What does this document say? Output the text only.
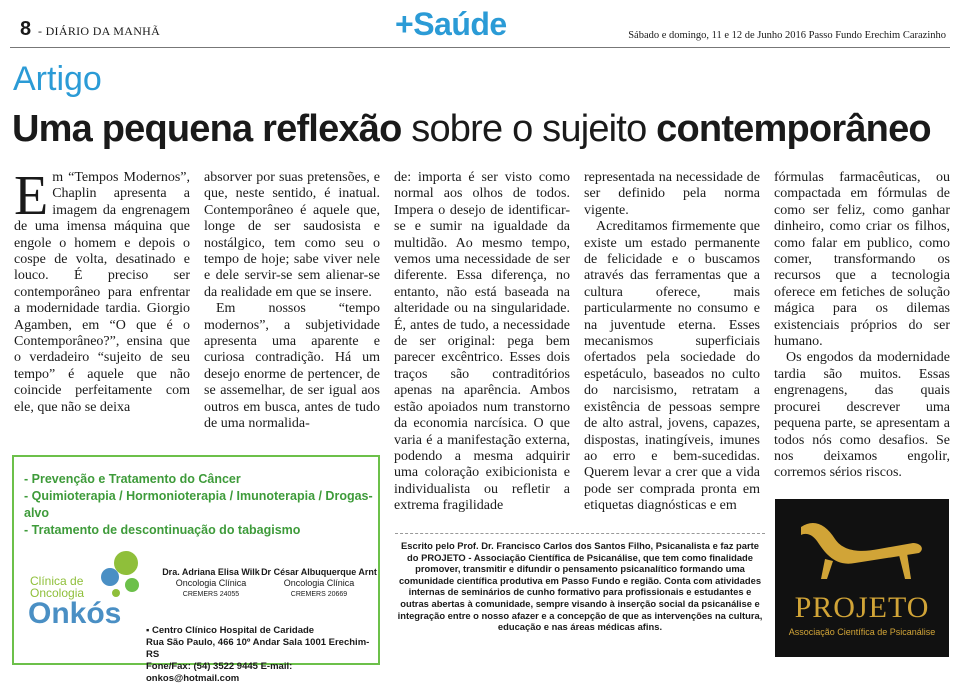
8 - DIÁRIO DA MANHÃ	+Saúde	Sábado e domingo, 11 e 12 de Junho 2016 Passo Fundo Erechim Carazinho
Artigo
Uma pequena reflexão sobre o sujeito contemporâneo

Em “Tempos Modernos”, Chaplin apresenta a imagem da engrenagem de uma imensa máquina que engole o homem e depois o cospe de volta, desatinado e louco. É preciso ser contemporâneo para enfrentar a modernidade tardia. Giorgio Agamben, em “O que é o Contemporâneo?”, ensina que o verdadeiro “sujeito de seu tempo” é aquele que não coincide perfeitamente com ele, que não se deixa

absorver por suas pretensões, e que, neste sentido, é inatual. Contemporâneo é aquele que, longe de ser saudosista e nostálgico, tem como seu o tempo de hoje; sabe viver nele e dele servir-se sem alienar-se da realidade em que se insere.

Em nossos “tempo modernos”, a subjetividade apresenta uma aparente e curiosa contradição. Há um desejo enorme de pertencer, de se assemelhar, de ser igual aos outros em busca, antes de tudo de uma normalida-

de: importa é ser visto como normal aos olhos de todos. Impera o desejo de identificar-se e sumir na igualdade da multidão. Ao mesmo tempo, vemos uma necessidade de ser diferente. Essa diferença, no entanto, não está baseada na alteridade ou na singularidade. É, antes de tudo, a necessidade de ser original: pega bem parecer excêntrico. Esses dois traços são contraditórios apenas na aparência. Ambos estão apoiados num transtorno da economia narcísica. O que varia é a manifestação externa, podendo a mesma adquirir uma coloração exibicionista e individualista ou refletir a extrema fragilidade

representada na necessidade de ser definido pela norma vigente.

Acreditamos firmemente que existe um estado permanente de felicidade e o buscamos através das ferramentas que a cultura oferece, mais particularmente no consumo e na juventude eterna. Esses mecanismos superficiais ofertados pela sociedade do espetáculo, baseados no culto do narcisismo, retratam a existência de pessoas sempre de alto astral, jovens, capazes, dispostas, inatingíveis, imunes ao erro e bem-sucedidas. Querem levar a crer que a vida pode ser comprada pronta em etiquetas diagnósticas e em

fórmulas farmacêuticas, ou compactada em fórmulas de como ser feliz, como ganhar dinheiro, como criar os filhos, como falar em publico, como comer, transformando os recursos que a tecnologia oferece em fetiches de solução mágica para os dilemas existenciais próprios do ser humano.

Os engodos da modernidade tardia são muitos. Essas engrenagens, das quais procurei descrever uma pequena parte, se apresentam a todos nós como desafios. Se nos deixamos engolir, corremos sérios riscos.

- Prevenção e Tratamento do Câncer
- Quimioterapia / Hormonioterapia / Imunoterapia / Drogas-alvo
- Tratamento de descontinuação do tabagismo
Clínica de
Oncologia
Onkós
Dra. Adriana Elisa Wilk
Oncologia Clínica
CREMERS 24055
Dr César Albuquerque Arnt
Oncologia Clínica
CREMERS 20669
▪ Centro Clínico Hospital de Caridade
Rua São Paulo, 466 10º Andar Sala 1001 Erechim-RS
Fone/Fax: (54) 3522 9445 E-mail: onkos@hotmail.com
Escrito pelo Prof. Dr. Francisco Carlos dos Santos Filho, Psicanalista e faz parte do PROJETO - Associação Científica de Psicanálise, que tem como finalidade promover, transmitir e difundir o pensamento psicanalítico formando uma comunidade científica produtiva em Passo Fundo e região. Conta com atividades internas de seminários de cunho formativo para profissionais e estudantes e outras abertas à comunidade, sempre visando à inserção social da psicanálise e integração entre o nosso afazer e a concepção de que as intervenções na cultura, educação e nas áreas médicas afins.
PROJETO
Associação Científica de Psicanálise
